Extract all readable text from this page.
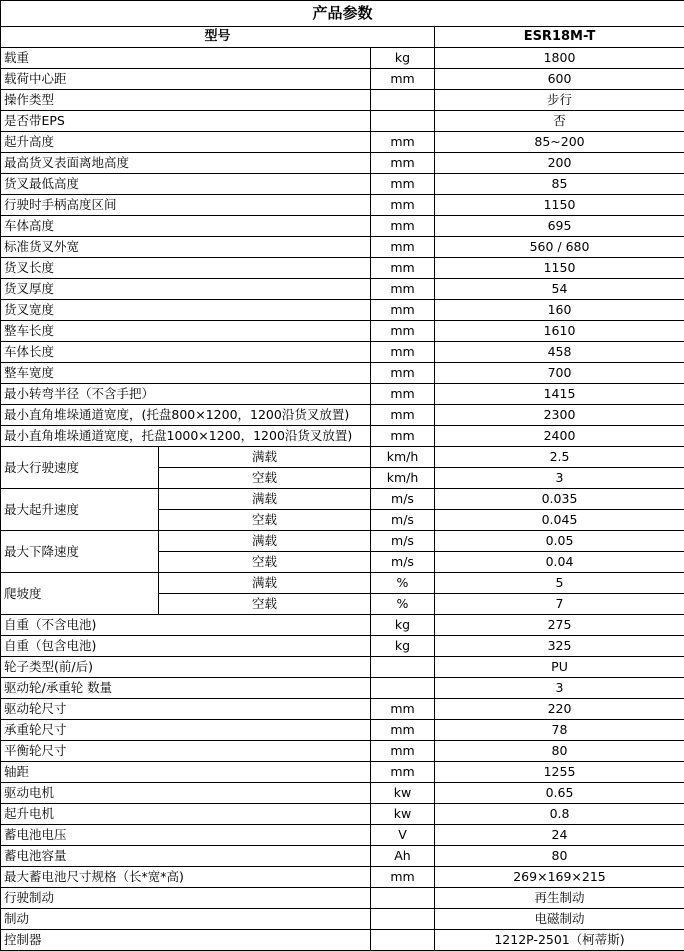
产品参数			
型号			ESR18M-T
载重		kg	1800
载荷中心距		mm	600
操作类型			步行
是否带EPS			否
起升高度		mm	85~200
最高货叉表面离地高度		mm	200
货叉最低高度		mm	85
行驶时手柄高度区间		mm	1150
车体高度		mm	695
标准货叉外宽		mm	560 / 680
货叉长度		mm	1150
货叉厚度		mm	54
货叉宽度		mm	160
整车长度		mm	1610
车体长度		mm	458
整车宽度		mm	700
最小转弯半径（不含手把）		mm	1415
最小直角堆垛通道宽度，(托盘800×1200，1200沿货叉放置)		mm	2300
最小直角堆垛通道宽度，托盘1000×1200，1200沿货叉放置)		mm	2400
最大行驶速度	满载	km/h	2.5
	空载	km/h	3
最大起升速度	满载	m/s	0.035
	空载	m/s	0.045
最大下降速度	满载	m/s	0.05
	空载	m/s	0.04
爬坡度	满载	%	5
	空载	%	7
自重（不含电池)		kg	275
自重（包含电池)		kg	325
轮子类型(前/后)			PU
驱动轮/承重轮 数量			3
驱动轮尺寸		mm	220
承重轮尺寸		mm	78
平衡轮尺寸		mm	80
轴距		mm	1255
驱动电机		kw	0.65
起升电机		kw	0.8
蓄电池电压		V	24
蓄电池容量		Ah	80
最大蓄电池尺寸规格（长*宽*高)		mm	269×169×215
行驶制动			再生制动
制动			电磁制动
控制器			1212P-2501（柯蒂斯)
